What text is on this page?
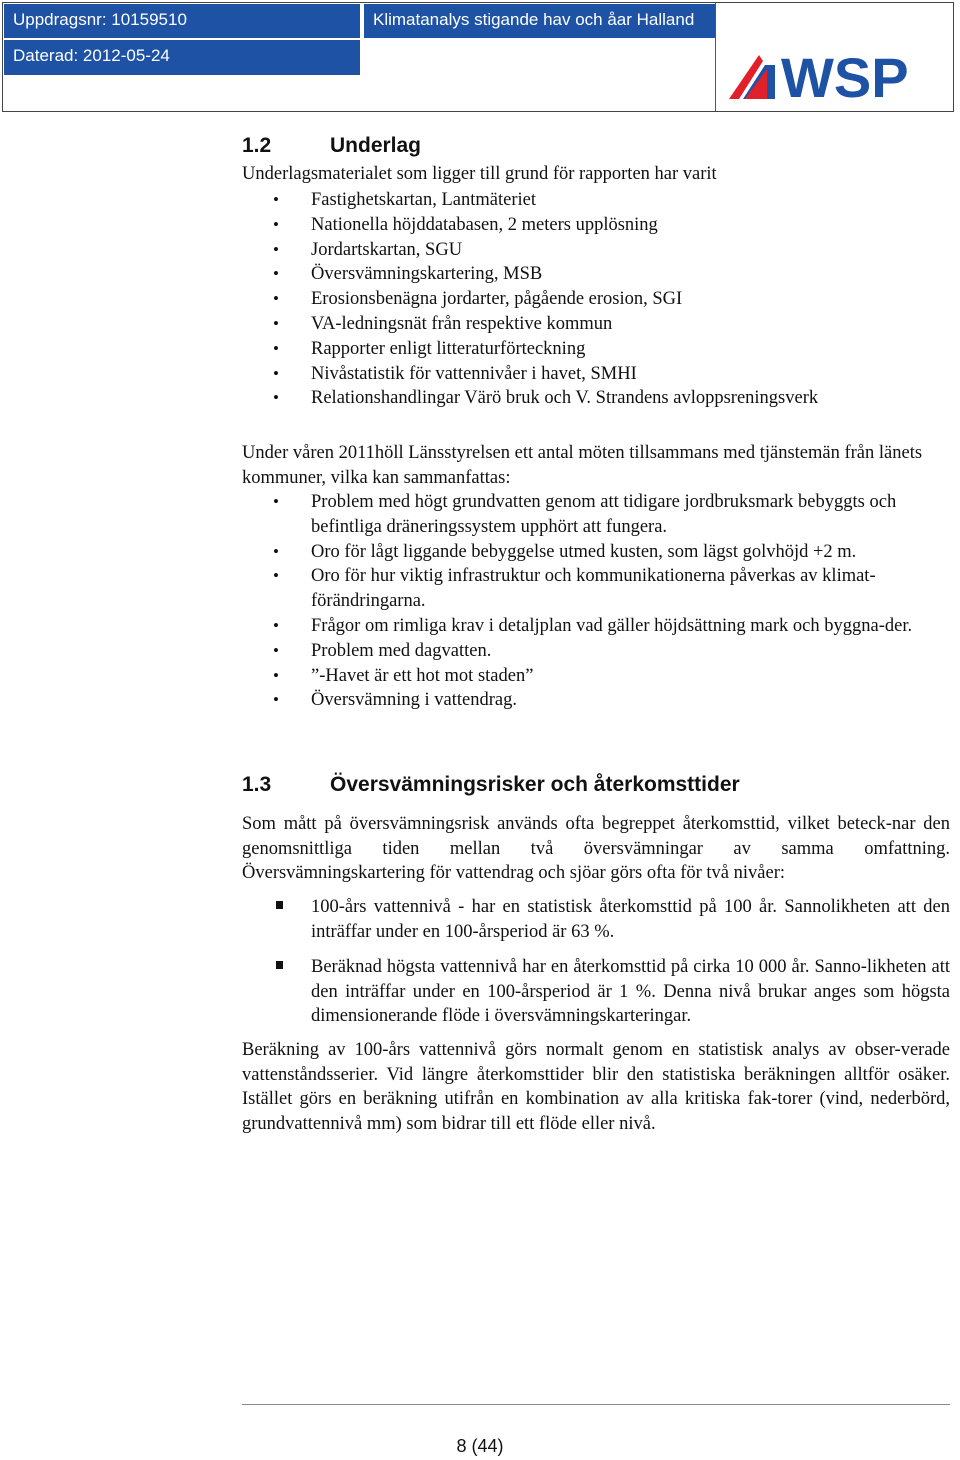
Uppdragsnr: 10159510	Klimatanalys stigande hav och åar Halland
Daterad: 2012-05-24	WSP
1.2	Underlag
Underlagsmaterialet som ligger till grund för rapporten har varit
• Fastighetskartan, Lantmäteriet
• Nationella höjddatabasen, 2 meters upplösning
• Jordartskartan, SGU
• Översvämningskartering, MSB
• Erosionsbenägna jordarter, pågående erosion, SGI
• VA-ledningsnät från respektive kommun
• Rapporter enligt litteraturförteckning
• Nivåstatistik för vattennivåer i havet, SMHI
• Relationshandlingar Värö bruk och V. Strandens avloppsreningsverk
Under våren 2011höll Länsstyrelsen ett antal möten tillsammans med tjänstemän från länets kommuner, vilka kan sammanfattas:
• Problem med högt grundvatten genom att tidigare jordbruksmark bebyggts och befintliga dräneringssystem upphört att fungera.
• Oro för lågt liggande bebyggelse utmed kusten, som lägst golvhöjd +2 m.
• Oro för hur viktig infrastruktur och kommunikationerna påverkas av klimat-förändringarna.
• Frågor om rimliga krav i detaljplan vad gäller höjdsättning mark och byggna-der.
• Problem med dagvatten.
• ”-Havet är ett hot mot staden”
• Översvämning i vattendrag.
1.3	Översvämningsrisker och återkomsttider
Som mått på översvämningsrisk används ofta begreppet återkomsttid, vilket beteck-nar den genomsnittliga tiden mellan två översvämningar av samma omfattning. Översvämningskartering för vattendrag och sjöar görs ofta för två nivåer:
100-års vattennivå - har en statistisk återkomsttid på 100 år. Sannolikheten att den inträffar under en 100-årsperiod är 63 %.
Beräknad högsta vattennivå har en återkomsttid på cirka 10 000 år. Sanno-likheten att den inträffar under en 100-årsperiod är 1 %. Denna nivå brukar anges som högsta dimensionerande flöde i översvämningskarteringar.
Beräkning av 100-års vattennivå görs normalt genom en statistisk analys av obser-verade vattenståndsserier. Vid längre återkomsttider blir den statistiska beräkningen alltför osäker. Istället görs en beräkning utifrån en kombination av alla kritiska fak-torer (vind, nederbörd, grundvattennivå mm) som bidrar till ett flöde eller nivå.
8 (44)
